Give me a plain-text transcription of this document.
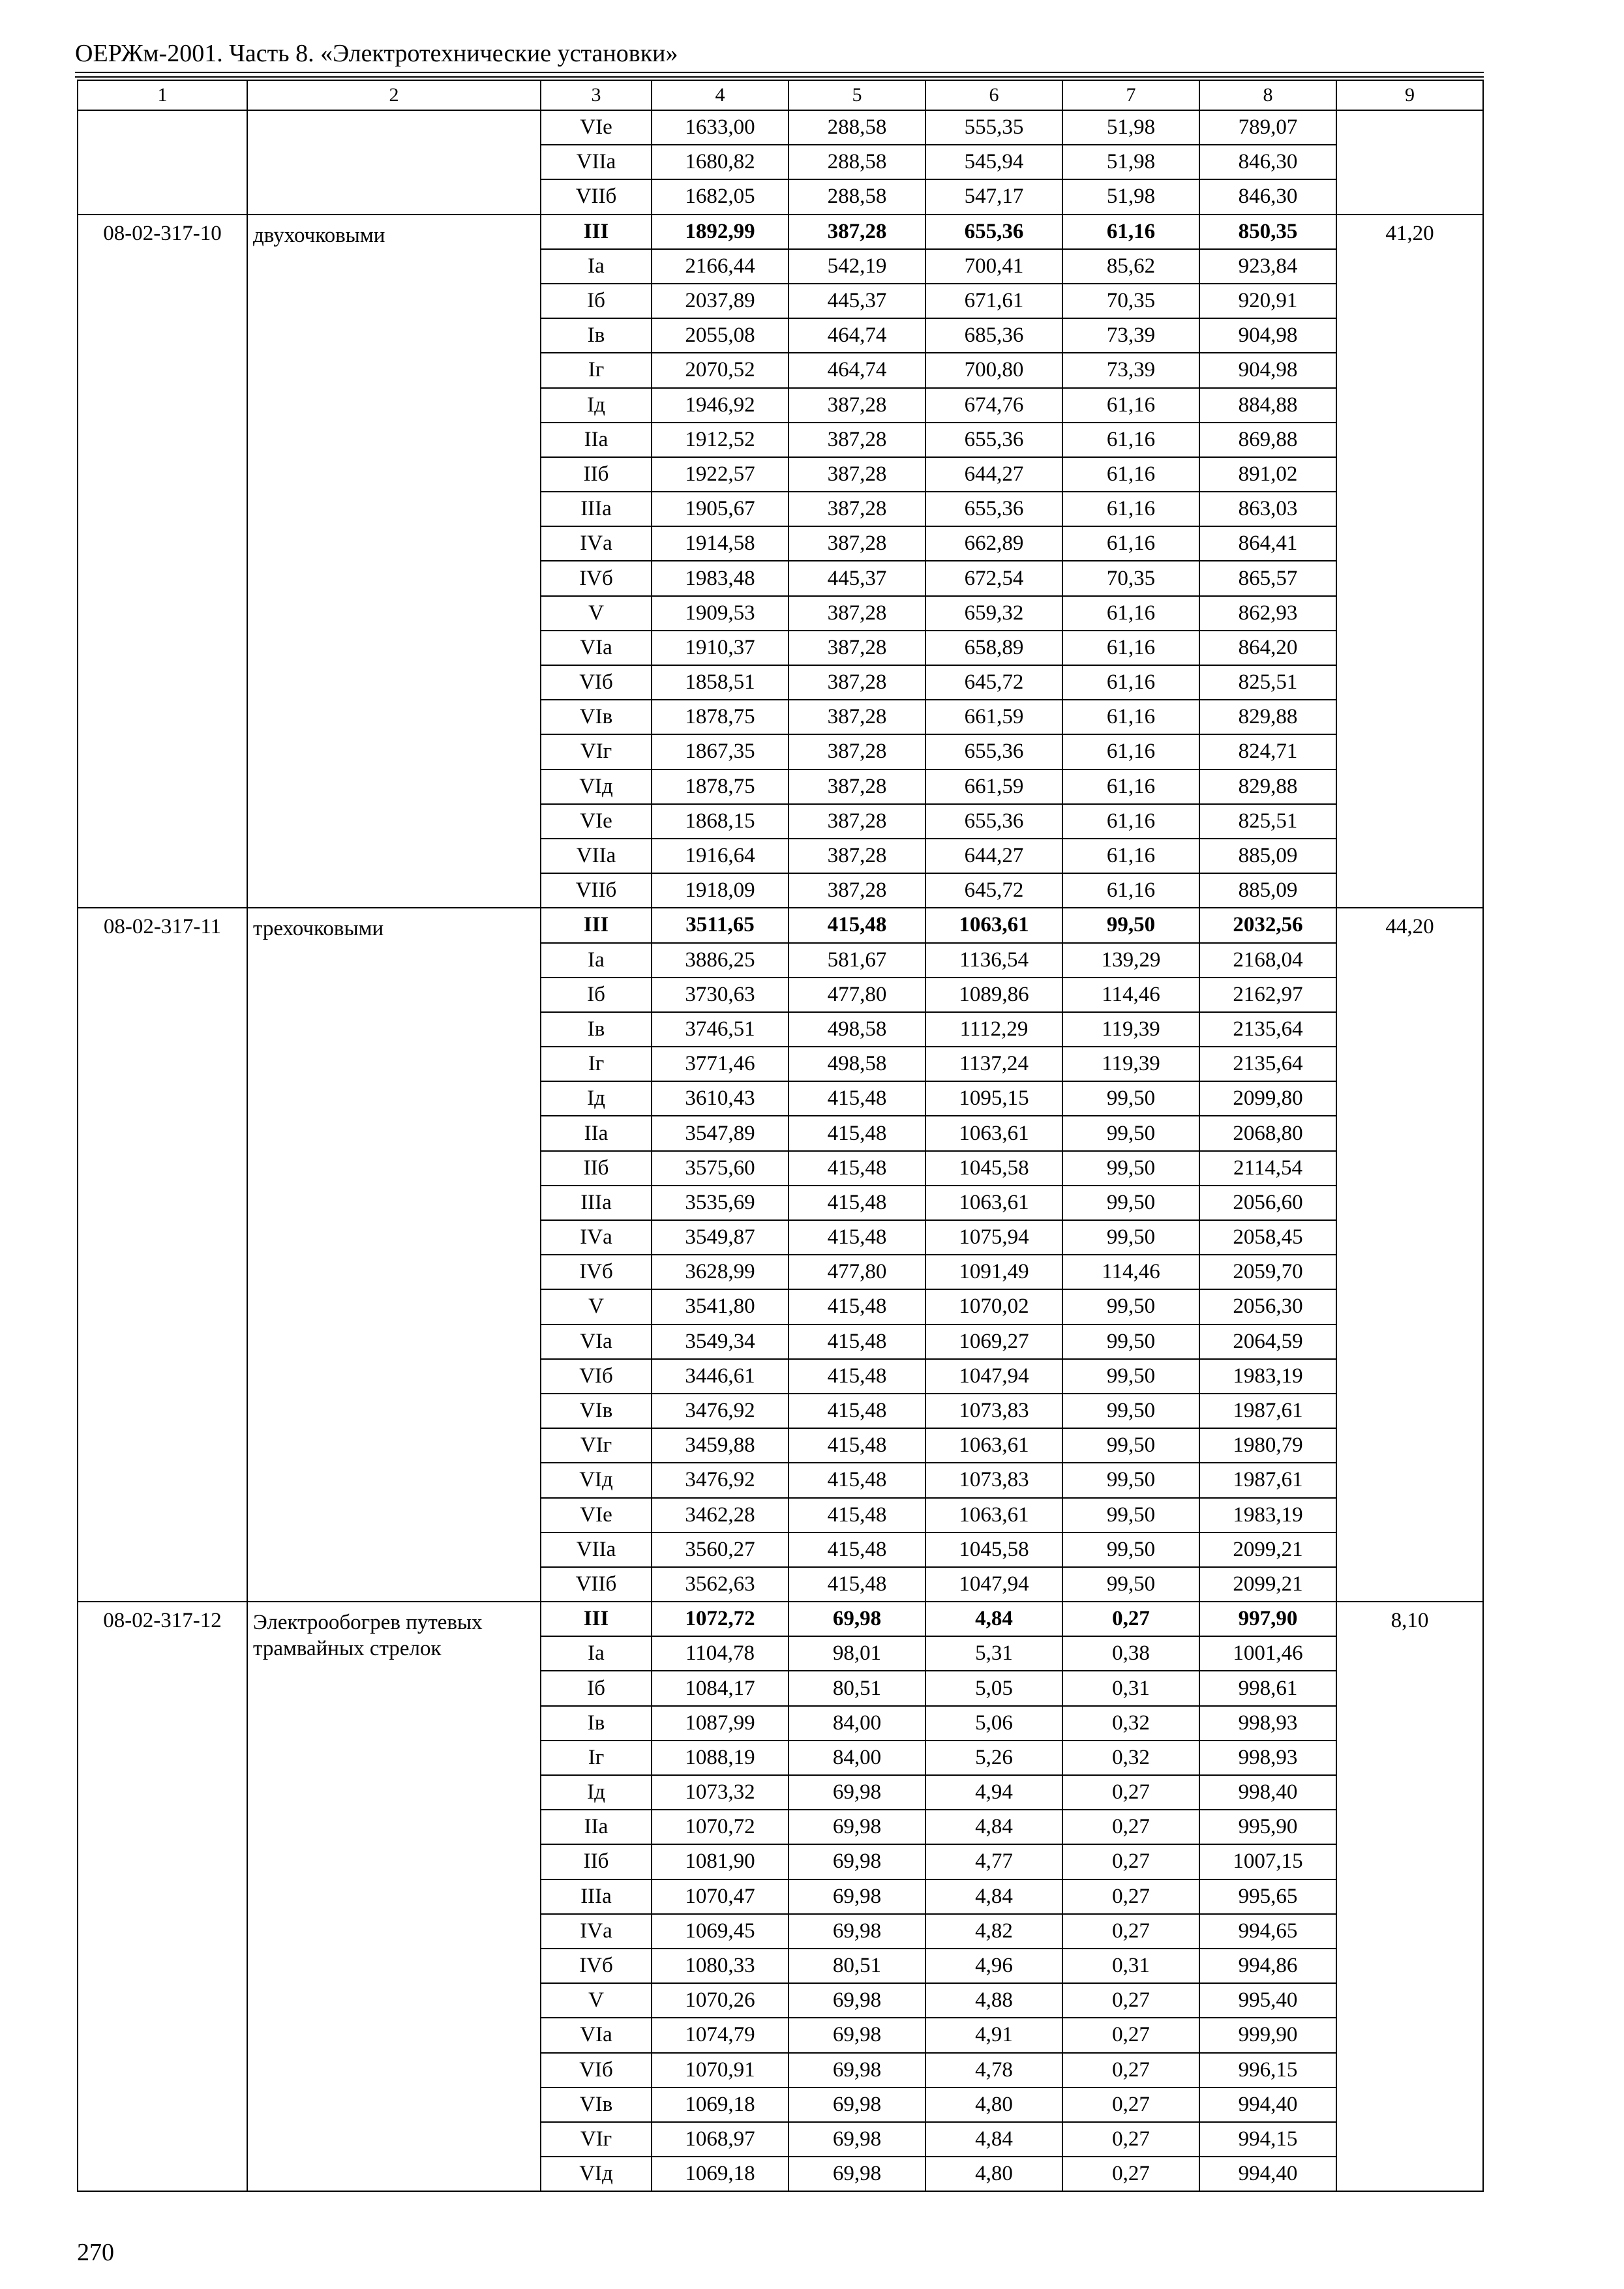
ОЕРЖм-2001. Часть 8. «Электротехнические установки»
1	2	3	4	5	6	7	8	9
		VIе	1633,00	288,58	555,35	51,98	789,07	
		VIIа	1680,82	288,58	545,94	51,98	846,30	
		VIIб	1682,05	288,58	547,17	51,98	846,30	
08-02-317-10	двухочковыми	III	1892,99	387,28	655,36	61,16	850,35	41,20
		Iа	2166,44	542,19	700,41	85,62	923,84	
		Iб	2037,89	445,37	671,61	70,35	920,91	
		Iв	2055,08	464,74	685,36	73,39	904,98	
		Iг	2070,52	464,74	700,80	73,39	904,98	
		Iд	1946,92	387,28	674,76	61,16	884,88	
		IIа	1912,52	387,28	655,36	61,16	869,88	
		IIб	1922,57	387,28	644,27	61,16	891,02	
		IIIа	1905,67	387,28	655,36	61,16	863,03	
		IVа	1914,58	387,28	662,89	61,16	864,41	
		IVб	1983,48	445,37	672,54	70,35	865,57	
		V	1909,53	387,28	659,32	61,16	862,93	
		VIа	1910,37	387,28	658,89	61,16	864,20	
		VIб	1858,51	387,28	645,72	61,16	825,51	
		VIв	1878,75	387,28	661,59	61,16	829,88	
		VIг	1867,35	387,28	655,36	61,16	824,71	
		VIд	1878,75	387,28	661,59	61,16	829,88	
		VIе	1868,15	387,28	655,36	61,16	825,51	
		VIIа	1916,64	387,28	644,27	61,16	885,09	
		VIIб	1918,09	387,28	645,72	61,16	885,09	
08-02-317-11	трехочковыми	III	3511,65	415,48	1063,61	99,50	2032,56	44,20
		Iа	3886,25	581,67	1136,54	139,29	2168,04	
		Iб	3730,63	477,80	1089,86	114,46	2162,97	
		Iв	3746,51	498,58	1112,29	119,39	2135,64	
		Iг	3771,46	498,58	1137,24	119,39	2135,64	
		Iд	3610,43	415,48	1095,15	99,50	2099,80	
		IIа	3547,89	415,48	1063,61	99,50	2068,80	
		IIб	3575,60	415,48	1045,58	99,50	2114,54	
		IIIа	3535,69	415,48	1063,61	99,50	2056,60	
		IVа	3549,87	415,48	1075,94	99,50	2058,45	
		IVб	3628,99	477,80	1091,49	114,46	2059,70	
		V	3541,80	415,48	1070,02	99,50	2056,30	
		VIа	3549,34	415,48	1069,27	99,50	2064,59	
		VIб	3446,61	415,48	1047,94	99,50	1983,19	
		VIв	3476,92	415,48	1073,83	99,50	1987,61	
		VIг	3459,88	415,48	1063,61	99,50	1980,79	
		VIд	3476,92	415,48	1073,83	99,50	1987,61	
		VIе	3462,28	415,48	1063,61	99,50	1983,19	
		VIIа	3560,27	415,48	1045,58	99,50	2099,21	
		VIIб	3562,63	415,48	1047,94	99,50	2099,21	
08-02-317-12	Электрообогрев путевых трамвайных стрелок	III	1072,72	69,98	4,84	0,27	997,90	8,10
		Iа	1104,78	98,01	5,31	0,38	1001,46	
		Iб	1084,17	80,51	5,05	0,31	998,61	
		Iв	1087,99	84,00	5,06	0,32	998,93	
		Iг	1088,19	84,00	5,26	0,32	998,93	
		Iд	1073,32	69,98	4,94	0,27	998,40	
		IIа	1070,72	69,98	4,84	0,27	995,90	
		IIб	1081,90	69,98	4,77	0,27	1007,15	
		IIIа	1070,47	69,98	4,84	0,27	995,65	
		IVа	1069,45	69,98	4,82	0,27	994,65	
		IVб	1080,33	80,51	4,96	0,31	994,86	
		V	1070,26	69,98	4,88	0,27	995,40	
		VIа	1074,79	69,98	4,91	0,27	999,90	
		VIб	1070,91	69,98	4,78	0,27	996,15	
		VIв	1069,18	69,98	4,80	0,27	994,40	
		VIг	1068,97	69,98	4,84	0,27	994,15	
		VIд	1069,18	69,98	4,80	0,27	994,40	
270
